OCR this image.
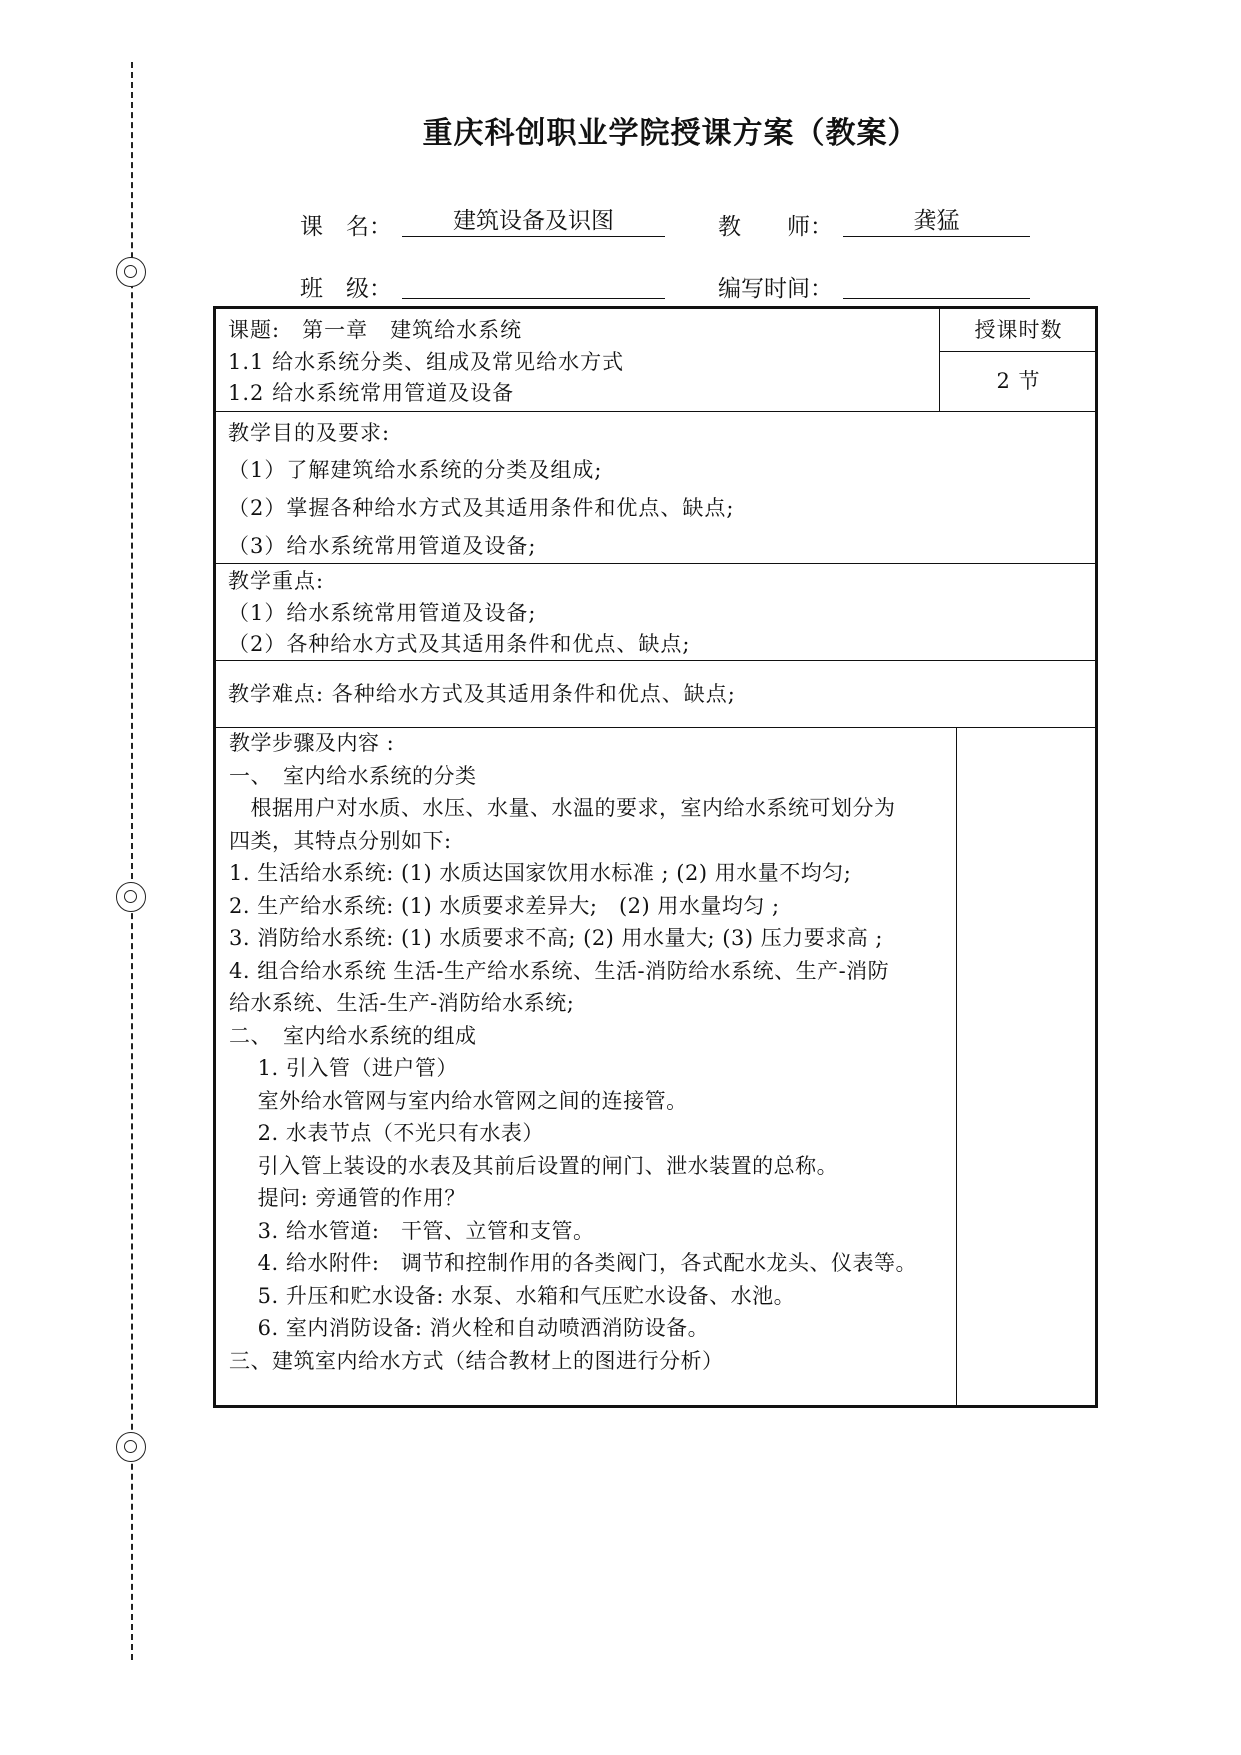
重庆科创职业学院授课方案（教案）
课　名：	建筑设备及识图	教　　师：	龚猛
班　级：	编写时间：
课题:　第一章　建筑给水系统
1.1 给水系统分类、组成及常见给水方式
1.2 给水系统常用管道及设备
授课时数
2 节
教学目的及要求:
（1）了解建筑给水系统的分类及组成;
（2）掌握各种给水方式及其适用条件和优点、缺点;
（3）给水系统常用管道及设备;
教学重点:
（1）给水系统常用管道及设备;
（2）各种给水方式及其适用条件和优点、缺点;
教学难点: 各种给水方式及其适用条件和优点、缺点;
教学步骤及内容 :
一、　室内给水系统的分类
　根据用户对水质、水压、水量、水温的要求，室内给水系统可划分为
四类，其特点分别如下:
1. 生活给水系统: (1) 水质达国家饮用水标准 ; (2) 用水量不均匀;
2. 生产给水系统: (1) 水质要求差异大;　(2) 用水量均匀 ;
3. 消防给水系统: (1) 水质要求不高; (2) 用水量大; (3) 压力要求高 ;
4. 组合给水系统 生活-生产给水系统、生活-消防给水系统、生产-消防
给水系统、生活-生产-消防给水系统;
二、　室内给水系统的组成
　 1. 引入管（进户管）
　 室外给水管网与室内给水管网之间的连接管。
　 2. 水表节点（不光只有水表）
　 引入管上装设的水表及其前后设置的闸门、泄水装置的总称。
　 提问: 旁通管的作用？
　 3. 给水管道:　干管、立管和支管。
　 4. 给水附件:　调节和控制作用的各类阀门，各式配水龙头、仪表等。
　 5. 升压和贮水设备: 水泵、水箱和气压贮水设备、水池。
　 6. 室内消防设备: 消火栓和自动喷洒消防设备。
三、建筑室内给水方式（结合教材上的图进行分析）
